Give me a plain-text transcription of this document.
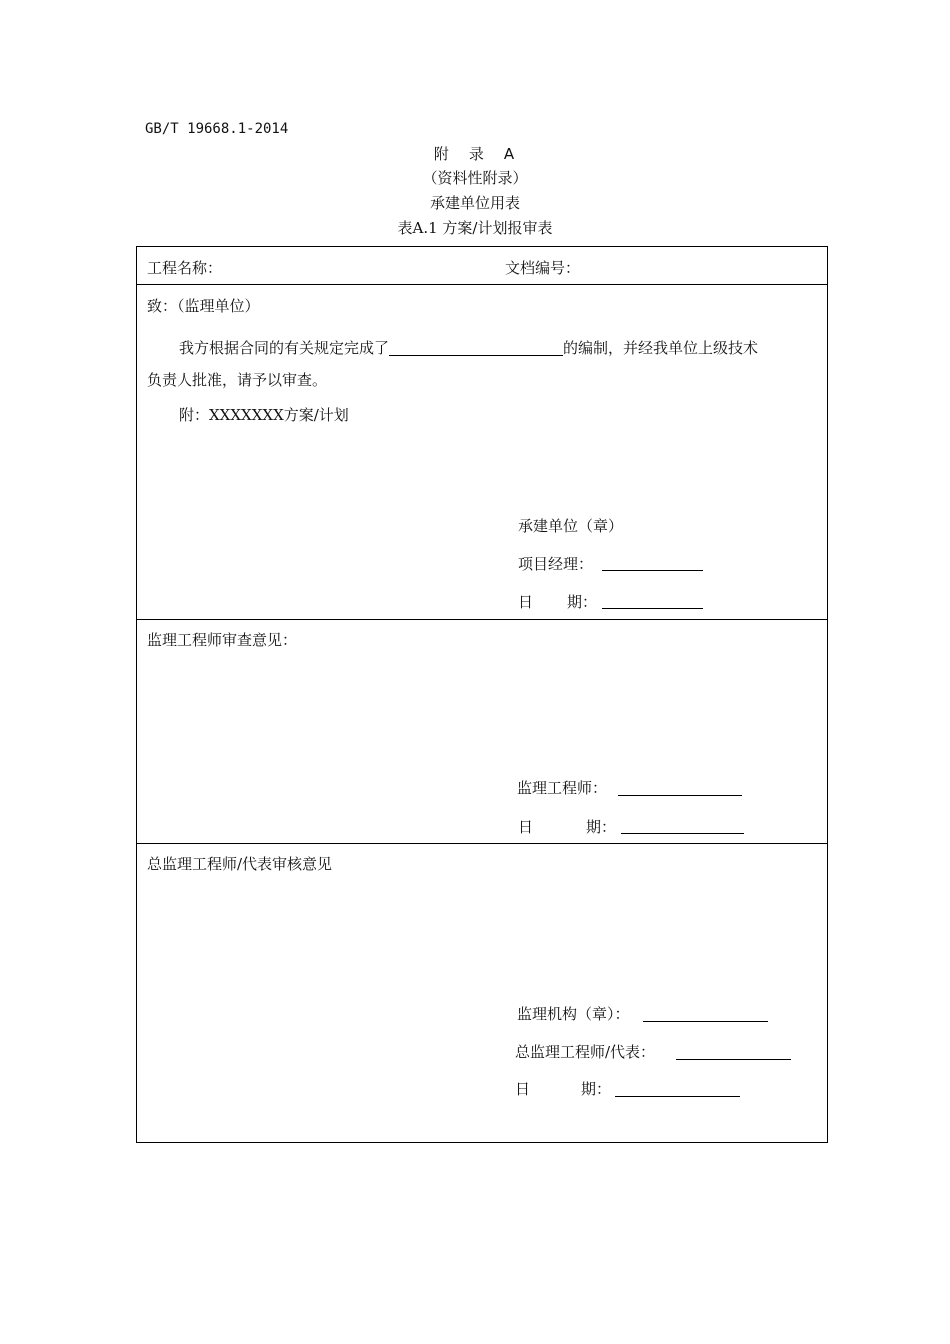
GB/T 19668.1-2014
附 录 A
（资料性附录）
承建单位用表
表A.1 方案/计划报审表
工程名称：	文档编号：
致：（监理单位）
我方根据合同的有关规定完成了	的编制，并经我单位上级技术
负责人批准，请予以审查。
附：XXXXXXX方案/计划
承建单位（章）
项目经理：
日 期：
监理工程师审查意见：
监理工程师：
日	期：
总监理工程师/代表审核意见
监理机构（章）：
总监理工程师/代表：
日	期：
